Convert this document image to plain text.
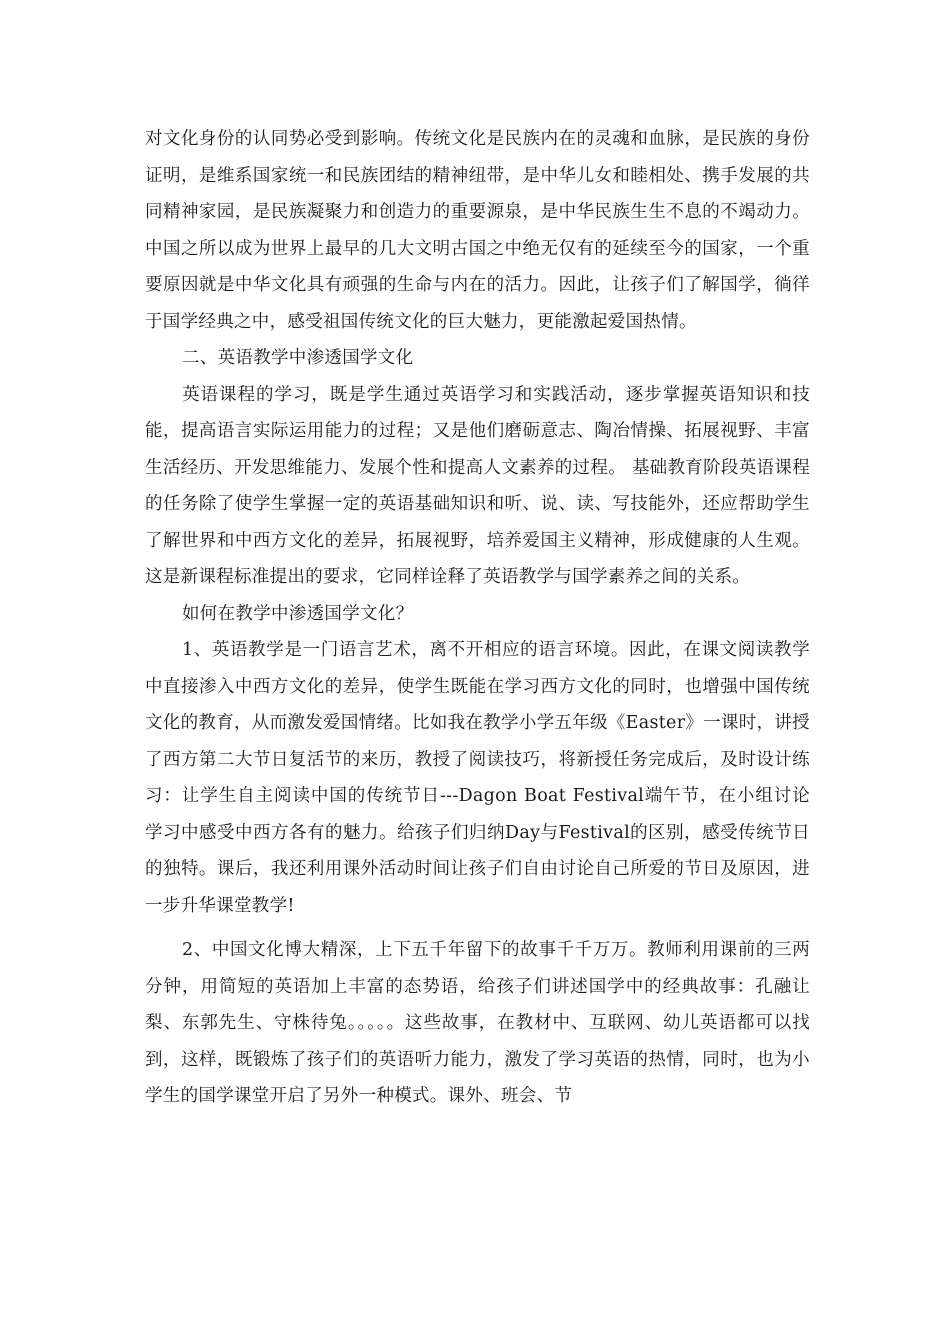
对文化身份的认同势必受到影响。传统文化是民族内在的灵魂和血脉，是民族的身份证明，是维系国家统一和民族团结的精神纽带，是中华儿女和睦相处、携手发展的共同精神家园，是民族凝聚力和创造力的重要源泉，是中华民族生生不息的不竭动力。中国之所以成为世界上最早的几大文明古国之中绝无仅有的延续至今的国家，一个重要原因就是中华文化具有顽强的生命与内在的活力。因此，让孩子们了解国学，徜徉于国学经典之中，感受祖国传统文化的巨大魅力，更能激起爱国热情。

二、英语教学中渗透国学文化

英语课程的学习，既是学生通过英语学习和实践活动，逐步掌握英语知识和技能，提高语言实际运用能力的过程；又是他们磨砺意志、陶冶情操、拓展视野、丰富生活经历、开发思维能力、发展个性和提高人文素养的过程。 基础教育阶段英语课程的任务除了使学生掌握一定的英语基础知识和听、说、读、写技能外，还应帮助学生了解世界和中西方文化的差异，拓展视野，培养爱国主义精神，形成健康的人生观。这是新课程标准提出的要求，它同样诠释了英语教学与国学素养之间的关系。

如何在教学中渗透国学文化？

1、英语教学是一门语言艺术，离不开相应的语言环境。因此，在课文阅读教学中直接渗入中西方文化的差异，使学生既能在学习西方文化的同时，也增强中国传统文化的教育，从而激发爱国情绪。比如我在教学小学五年级《Easter》一课时，讲授了西方第二大节日复活节的来历，教授了阅读技巧，将新授任务完成后，及时设计练习：让学生自主阅读中国的传统节日---Dagon Boat Festival端午节，在小组讨论学习中感受中西方各有的魅力。给孩子们归纳Day与Festival的区别，感受传统节日的独特。课后，我还利用课外活动时间让孩子们自由讨论自己所爱的节日及原因，进一步升华课堂教学!

2、中国文化博大精深，上下五千年留下的故事千千万万。教师利用课前的三两分钟，用简短的英语加上丰富的态势语，给孩子们讲述国学中的经典故事：孔融让梨、东郭先生、守株待兔。。。。。这些故事，在教材中、互联网、幼儿英语都可以找到，这样，既锻炼了孩子们的英语听力能力，激发了学习英语的热情，同时，也为小学生的国学课堂开启了另外一种模式。课外、班会、节
